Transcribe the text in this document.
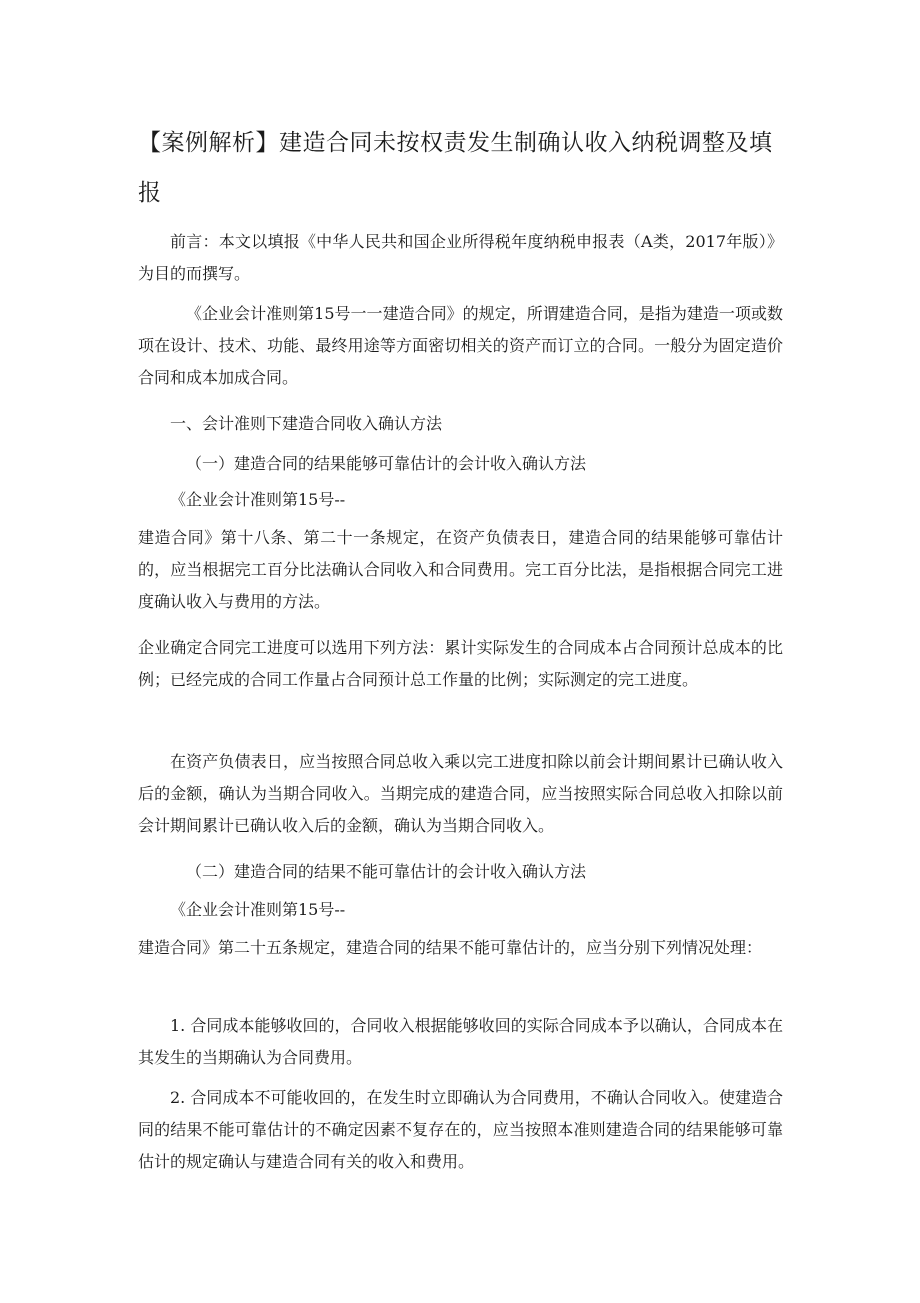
【案例解析】建造合同未按权责发生制确认收入纳税调整及填报

前言：本文以填报《中华人民共和国企业所得税年度纳税申报表（A类，2017年版）》为目的而撰写。

《企业会计准则第15号一一建造合同》的规定，所谓建造合同，是指为建造一项或数项在设计、技术、功能、最终用途等方面密切相关的资产而订立的合同。一般分为固定造价合同和成本加成合同。

一、会计准则下建造合同收入确认方法

（一）建造合同的结果能够可靠估计的会计收入确认方法

《企业会计准则第15号--

建造合同》第十八条、第二十一条规定，在资产负债表日，建造合同的结果能够可靠估计的，应当根据完工百分比法确认合同收入和合同费用。完工百分比法，是指根据合同完工进度确认收入与费用的方法。

企业确定合同完工进度可以选用下列方法：累计实际发生的合同成本占合同预计总成本的比例；已经完成的合同工作量占合同预计总工作量的比例；实际测定的完工进度。

在资产负债表日，应当按照合同总收入乘以完工进度扣除以前会计期间累计已确认收入后的金额，确认为当期合同收入。当期完成的建造合同，应当按照实际合同总收入扣除以前会计期间累计已确认收入后的金额，确认为当期合同收入。

（二）建造合同的结果不能可靠估计的会计收入确认方法

《企业会计准则第15号--

建造合同》第二十五条规定，建造合同的结果不能可靠估计的，应当分别下列情况处理：

1. 合同成本能够收回的，合同收入根据能够收回的实际合同成本予以确认，合同成本在其发生的当期确认为合同费用。

2. 合同成本不可能收回的，在发生时立即确认为合同费用，不确认合同收入。使建造合同的结果不能可靠估计的不确定因素不复存在的，应当按照本准则建造合同的结果能够可靠估计的规定确认与建造合同有关的收入和费用。
